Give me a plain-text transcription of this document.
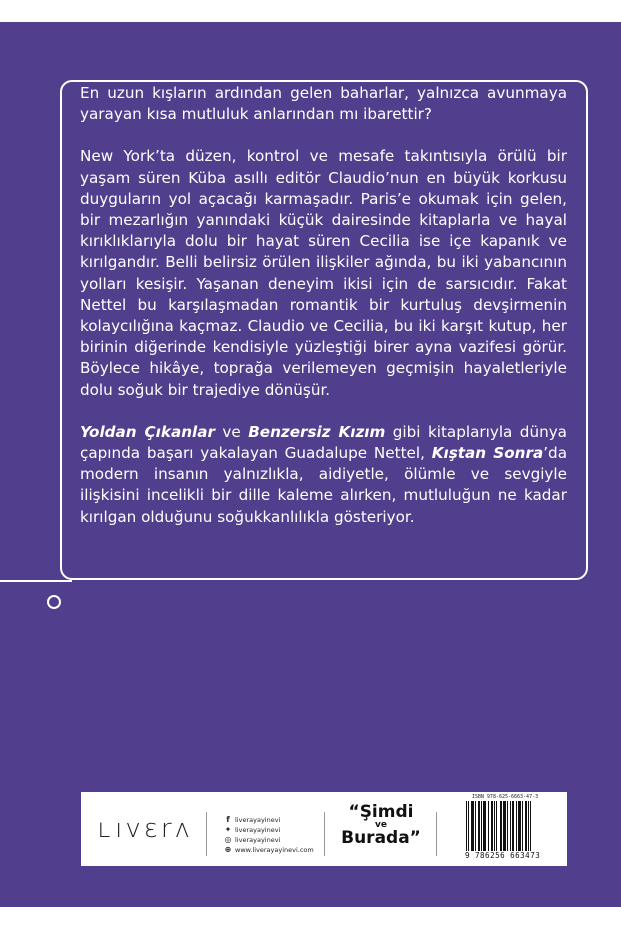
En uzun kışların ardından gelen baharlar, yalnızca avunmaya yarayan kısa mutluluk anlarından mı ibarettir?

New York’ta düzen, kontrol ve mesafe takıntısıyla örülü bir yaşam süren Küba asıllı editör Claudio’nun en büyük korkusu duyguların yol açacağı karmaşadır. Paris’e okumak için gelen, bir mezarlığın yanındaki küçük dairesinde kitaplarla ve hayal kırıklıklarıyla dolu bir hayat süren Cecilia ise içe kapanık ve kırılgandır. Belli belirsiz örülen ilişkiler ağında, bu iki yabancının yolları kesişir. Yaşanan deneyim ikisi için de sarsıcıdır. Fakat Nettel bu karşılaşmadan romantik bir kurtuluş devşirmenin kolaycılığına kaçmaz. Claudio ve Cecilia, bu iki karşıt kutup, her birinin diğerinde kendisiyle yüzleştiği birer ayna vazifesi görür. Böylece hikâye, toprağa verilemeyen geçmişin hayaletleriyle dolu soğuk bir trajediye dönüşür.

Yoldan Çıkanlar ve Benzersiz Kızım gibi kitaplarıyla dünya çapında başarı yakalayan Guadalupe Nettel, Kıştan Sonra’da modern insanın yalnızlıkla, aidiyetle, ölümle ve sevgiyle ilişkisini incelikli bir dille kaleme alırken, mutluluğun ne kadar kırılgan olduğunu soğukkanlılıkla gösteriyor.

ʟıvɛrᴧ	f liverayayinevi
✦ liverayayinevi
◎ liverayayinevi
⊕ www.liverayayinevi.com
“Şimdi
ve
Burada”
ISBN 978-625-6663-47-3
9 786256 663473
